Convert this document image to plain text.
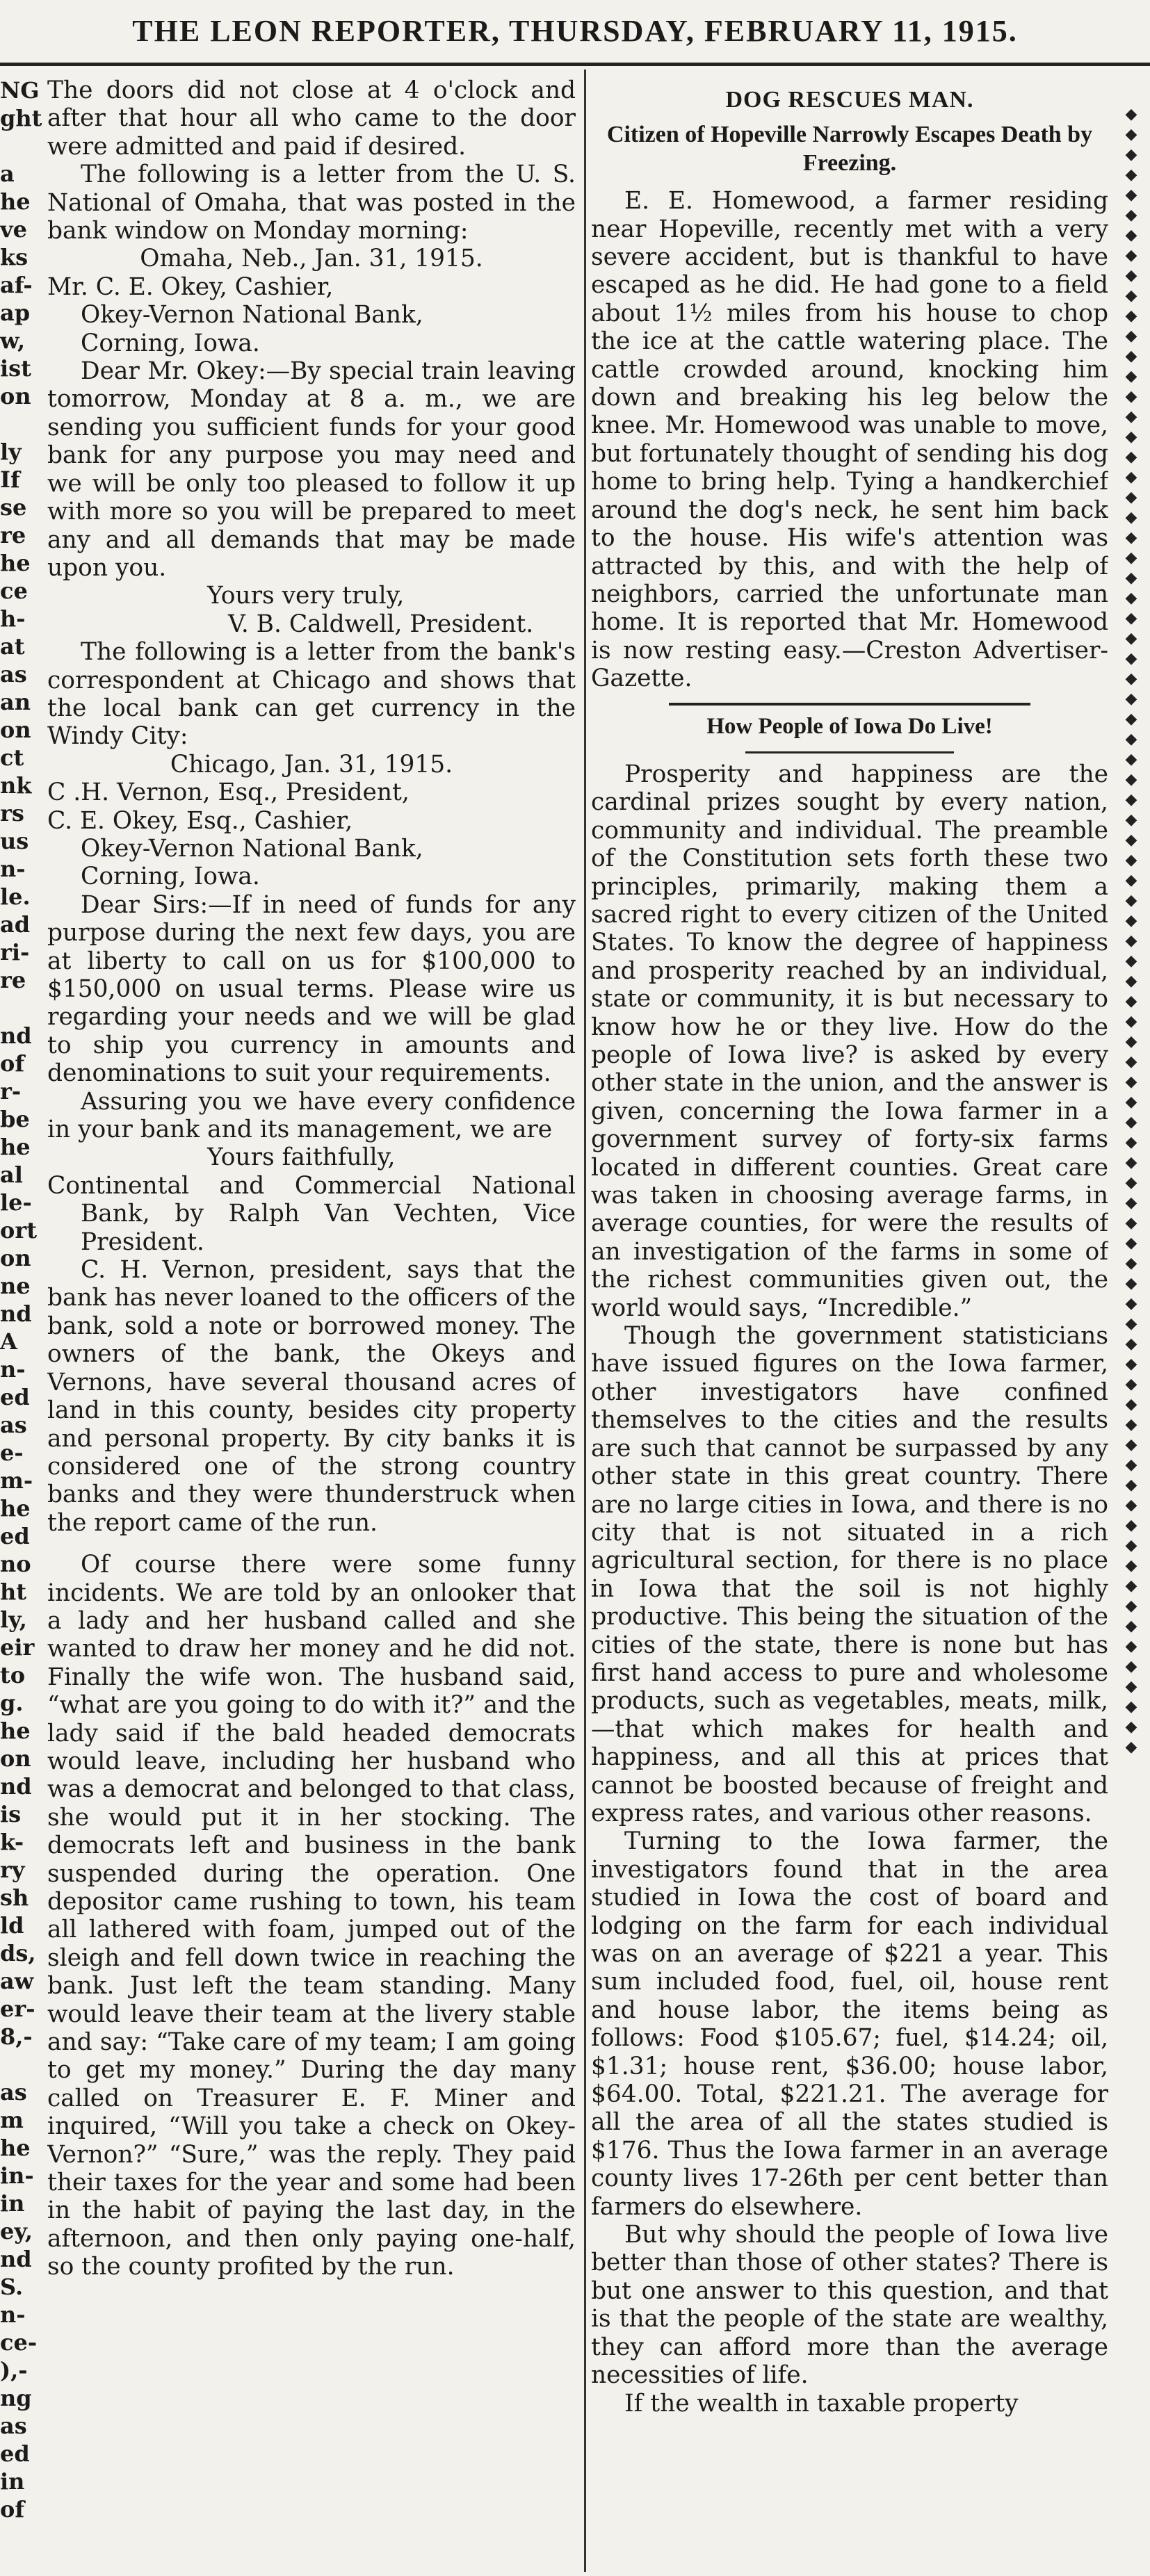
THE LEON REPORTER, THURSDAY, FEBRUARY 11, 1915.
NG
ght

a
he
ve
ks
af-
ap
w,
ist
on

ly
If
se
re
he
ce
h-
at
as
an
on
ct
nk
rs
us
n-
le.
ad
ri-
re

nd
of
r-
be
he
al
le-
ort
on
ne
nd
A
n-
ed
as
e-
m-
he
ed
no
ht
ly,
eir
to
g.
he
on
nd
is
k-
ry
sh
ld
ds,
aw
er-
8,-

as
m
he
in-
in
ey,
nd
S.
n-
ce-
),-
ng
as
ed
in
of

The doors did not close at 4 o'clock and after that hour all who came to the door were admitted and paid if desired.

The following is a letter from the U. S. National of Omaha, that was posted in the bank window on Monday morning:

Omaha, Neb., Jan. 31, 1915.

Mr. C. E. Okey, Cashier,

Okey-Vernon National Bank,

Corning, Iowa.

Dear Mr. Okey:—By special train leaving tomorrow, Monday at 8 a. m., we are sending you sufficient funds for your good bank for any purpose you may need and we will be only too pleased to follow it up with more so you will be prepared to meet any and all demands that may be made upon you.

Yours very truly,

V. B. Caldwell, President.

The following is a letter from the bank's correspondent at Chicago and shows that the local bank can get currency in the Windy City:

Chicago, Jan. 31, 1915.

C .H. Vernon, Esq., President,

C. E. Okey, Esq., Cashier,

Okey-Vernon National Bank,

Corning, Iowa.

Dear Sirs:—If in need of funds for any purpose during the next few days, you are at liberty to call on us for $100,000 to $150,000 on usual terms. Please wire us regarding your needs and we will be glad to ship you currency in amounts and denominations to suit your requirements.

Assuring you we have every confidence in your bank and its management, we are

Yours faithfully,

Continental and Commercial National Bank, by Ralph Van Vechten, Vice President.

C. H. Vernon, president, says that the bank has never loaned to the officers of the bank, sold a note or borrowed money. The owners of the bank, the Okeys and Vernons, have several thousand acres of land in this county, besides city property and personal property. By city banks it is considered one of the strong country banks and they were thunderstruck when the report came of the run.

Of course there were some funny incidents. We are told by an onlooker that a lady and her husband called and she wanted to draw her money and he did not. Finally the wife won. The husband said, “what are you going to do with it?” and the lady said if the bald headed democrats would leave, including her husband who was a democrat and belonged to that class, she would put it in her stocking. The democrats left and business in the bank suspended during the operation. One depositor came rushing to town, his team all lathered with foam, jumped out of the sleigh and fell down twice in reaching the bank. Just left the team standing. Many would leave their team at the livery stable and say: “Take care of my team; I am going to get my money.” During the day many called on Treasurer E. F. Miner and inquired, “Will you take a check on Okey-Vernon?” “Sure,” was the reply. They paid their taxes for the year and some had been in the habit of paying the last day, in the afternoon, and then only paying one-half, so the county profited by the run.

DOG RESCUES MAN.

Citizen of Hopeville Narrowly Escapes Death by Freezing.

E. E. Homewood, a farmer residing near Hopeville, recently met with a very severe accident, but is thankful to have escaped as he did. He had gone to a field about 1½ miles from his house to chop the ice at the cattle watering place. The cattle crowded around, knocking him down and breaking his leg below the knee. Mr. Homewood was unable to move, but fortunately thought of sending his dog home to bring help. Tying a handkerchief around the dog's neck, he sent him back to the house. His wife's attention was attracted by this, and with the help of neighbors, carried the unfortunate man home. It is reported that Mr. Homewood is now resting easy.—Creston Advertiser-Gazette.

How People of Iowa Do Live!

Prosperity and happiness are the cardinal prizes sought by every nation, community and individual. The preamble of the Constitution sets forth these two principles, primarily, making them a sacred right to every citizen of the United States. To know the degree of happiness and prosperity reached by an individual, state or community, it is but necessary to know how he or they live. How do the people of Iowa live? is asked by every other state in the union, and the answer is given, concerning the Iowa farmer in a government survey of forty-six farms located in different counties. Great care was taken in choosing average farms, in average counties, for were the results of an investigation of the farms in some of the richest communities given out, the world would says, “Incredible.”

Though the government statisticians have issued figures on the Iowa farmer, other investigators have confined themselves to the cities and the results are such that cannot be surpassed by any other state in this great country. There are no large cities in Iowa, and there is no city that is not situated in a rich agricultural section, for there is no place in Iowa that the soil is not highly productive. This being the situation of the cities of the state, there is none but has first hand access to pure and wholesome products, such as vegetables, meats, milk,—that which makes for health and happiness, and all this at prices that cannot be boosted because of freight and express rates, and various other reasons.

Turning to the Iowa farmer, the investigators found that in the area studied in Iowa the cost of board and lodging on the farm for each individual was on an average of $221 a year. This sum included food, fuel, oil, house rent and house labor, the items being as follows: Food $105.67; fuel, $14.24; oil, $1.31; house rent, $36.00; house labor, $64.00. Total, $221.21. The average for all the area of all the states studied is $176. Thus the Iowa farmer in an average county lives 17-26th per cent better than farmers do elsewhere.

But why should the people of Iowa live better than those of other states? There is but one answer to this question, and that is that the people of the state are wealthy, they can afford more than the average necessities of life.

If the wealth in taxable property

◆
◆
◆
◆
◆
◆
◆
◆
◆
◆
◆
◆
◆
◆
◆
◆
◆
◆
◆
◆
◆
◆
◆
◆
◆
◆
◆
◆
◆
◆
◆
◆
◆
◆
◆
◆
◆
◆
◆
◆
◆
◆
◆
◆
◆
◆
◆
◆
◆
◆
◆
◆
◆
◆
◆
◆
◆
◆
◆
◆
◆
◆
◆
◆
◆
◆
◆
◆
◆
◆
◆
◆
◆
◆
◆
◆
◆
◆
◆
◆
◆
◆
